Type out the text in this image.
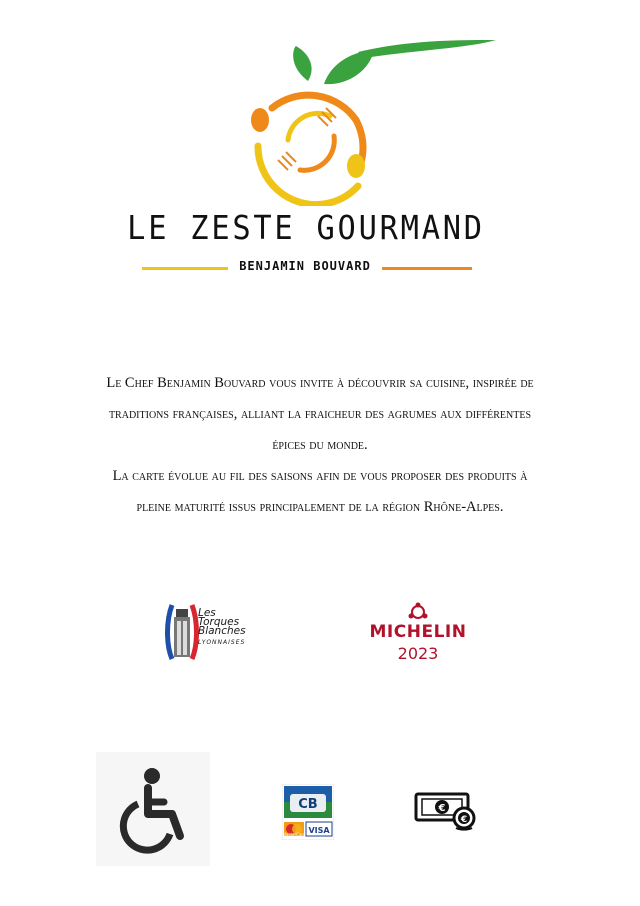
LE ZESTE GOURMAND
BENJAMIN BOUVARD

Le Chef Benjamin Bouvard vous invite à découvrir sa cuisine, inspirée de

traditions françaises, alliant la fraicheur des agrumes aux différentes

épices du monde.

La carte évolue au fil des saisons afin de vous proposer des produits à

pleine maturité issus principalement de la région Rhône-Alpes.

Les
Torques
Blanches
LYONNAISES
MICHELIN
2023
CB
MasterCard VISA
€
€
